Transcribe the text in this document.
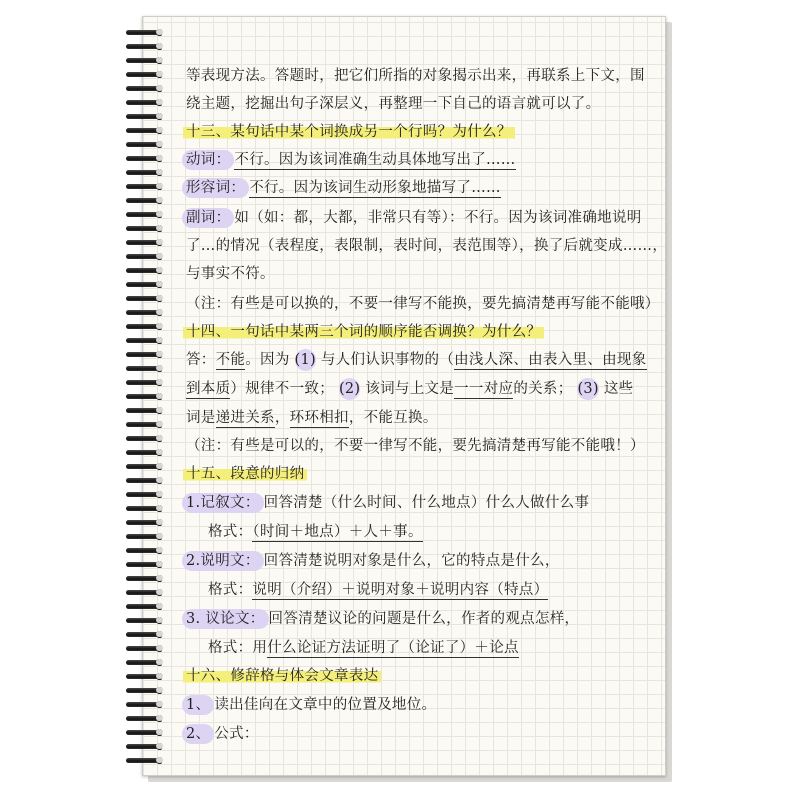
等表现方法。答题时，把它们所指的对象揭示出来，再联系上下文，围
绕主题，挖掘出句子深层义，再整理一下自己的语言就可以了。
十三、某句话中某个词换成另一个行吗？为什么？
动词： 不行。因为该词准确生动具体地写出了……
形容词： 不行。因为该词生动形象地描写了……
副词： 如（如：都，大都，非常只有等）：不行。因为该词准确地说明
了…的情况（表程度，表限制，表时间，表范围等），换了后就变成……，
与事实不符。
（注：有些是可以换的，不要一律写不能换，要先搞清楚再写能不能哦）
十四、一句话中某两三个词的顺序能否调换？为什么？
答：不能。因为 (1) 与人们认识事物的（由浅人深、由表入里、由现象
到本质）规律不一致； (2) 该词与上文是一一对应的关系； (3) 这些
词是递进关系，环环相扣，不能互换。
（注：有些是可以的，不要一律写不能，要先搞清楚再写能不能哦！）
十五、段意的归纳
1.记叙文： 回答清楚（什么时间、什么地点）什么人做什么事
格式：（时间＋地点）＋人＋事。
2.说明文： 回答清楚说明对象是什么，它的特点是什么，
格式：说明（介绍）＋说明对象＋说明内容（特点）
3. 议论文： 回答清楚议论的问题是什么，作者的观点怎样，
格式：用什么论证方法证明了（论证了）＋论点
十六、修辞格与体会文章表达
1、 读出佳向在文章中的位置及地位。
2、 公式：
